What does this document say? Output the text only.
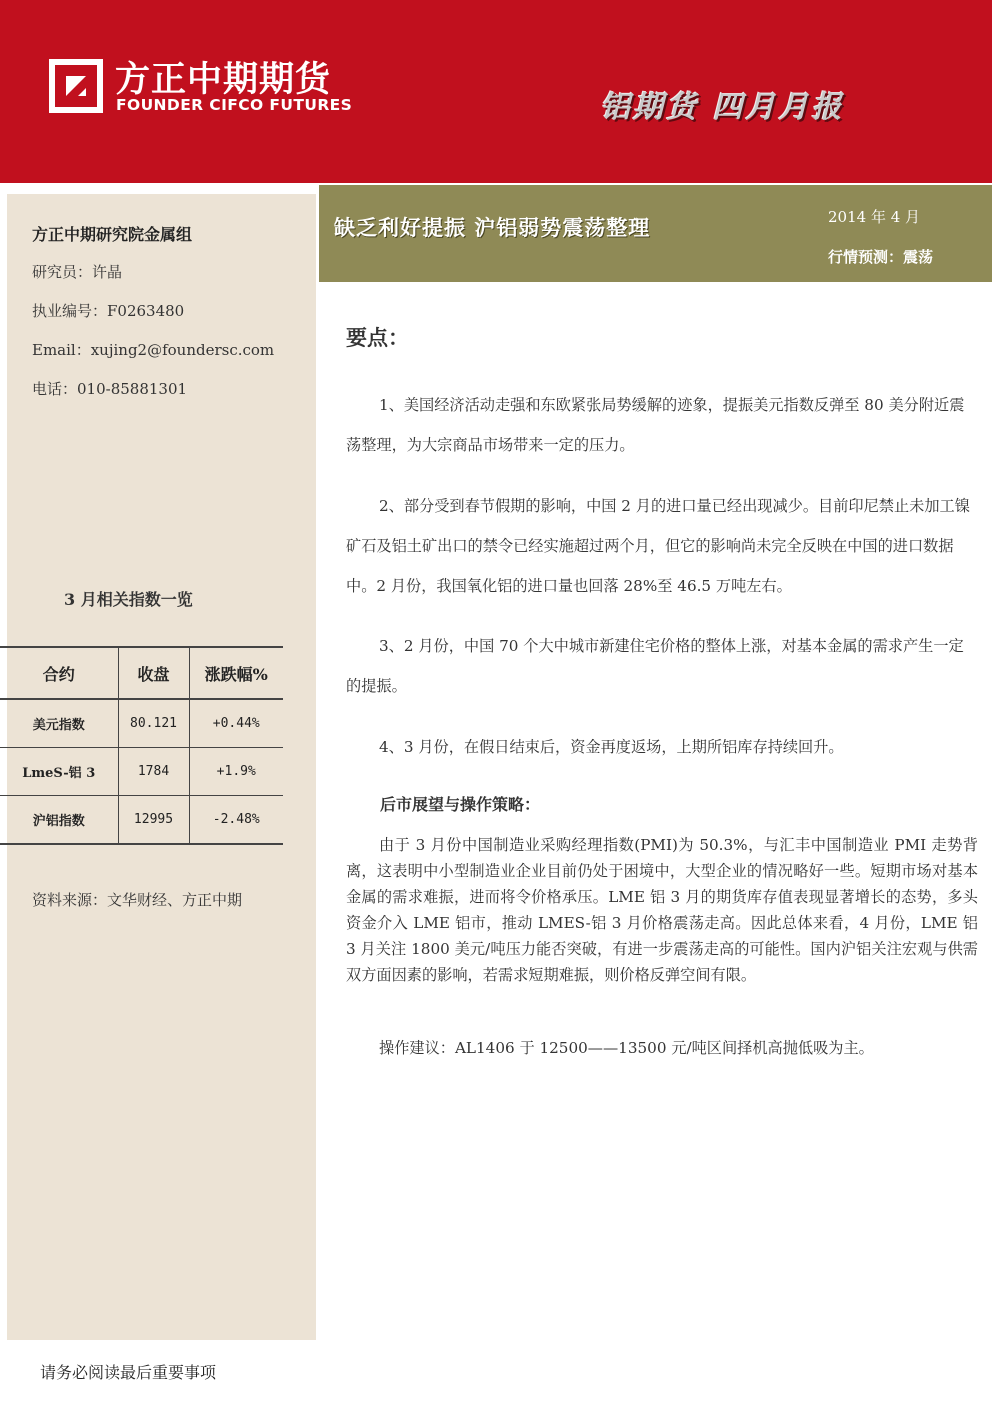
方正中期期货
FOUNDER CIFCO FUTURES	铝期货 四月月报
缺乏利好提振 沪铝弱势震荡整理	2014 年 4 月
行情预测：震荡
方正中期研究院金属组
研究员：许晶
执业编号：F0263480
Email：xujing2@foundersc.com
电话：010-85881301
资料来源：文华财经、方正中期
3 月相关指数一览
合约	收盘	涨跌幅%
美元指数	80.121	+0.44%
LmeS-铝 3	1784	+1.9%
沪铝指数	12995	-2.48%
要点：
1、美国经济活动走强和东欧紧张局势缓解的迹象，提振美元指数反弹至 80 美分附近震荡整理，为大宗商品市场带来一定的压力。
2、部分受到春节假期的影响，中国 2 月的进口量已经出现减少。目前印尼禁止未加工镍矿石及铝土矿出口的禁令已经实施超过两个月，但它的影响尚未完全反映在中国的进口数据中。2 月份，我国氧化铝的进口量也回落 28%至 46.5 万吨左右。
3、2 月份，中国 70 个大中城市新建住宅价格的整体上涨，对基本金属的需求产生一定的提振。
4、3 月份，在假日结束后，资金再度返场，上期所铝库存持续回升。
后市展望与操作策略：
由于 3 月份中国制造业采购经理指数(PMI)为 50.3%，与汇丰中国制造业 PMI 走势背离，这表明中小型制造业企业目前仍处于困境中，大型企业的情况略好一些。短期市场对基本金属的需求难振，进而将令价格承压。LME 铝 3 月的期货库存值表现显著增长的态势，多头资金介入 LME 铝市，推动 LMES-铝 3 月价格震荡走高。因此总体来看，4 月份，LME 铝 3 月关注 1800 美元/吨压力能否突破，有进一步震荡走高的可能性。国内沪铝关注宏观与供需双方面因素的影响，若需求短期难振，则价格反弹空间有限。
操作建议：AL1406 于 12500——13500 元/吨区间择机高抛低吸为主。
请务必阅读最后重要事项
